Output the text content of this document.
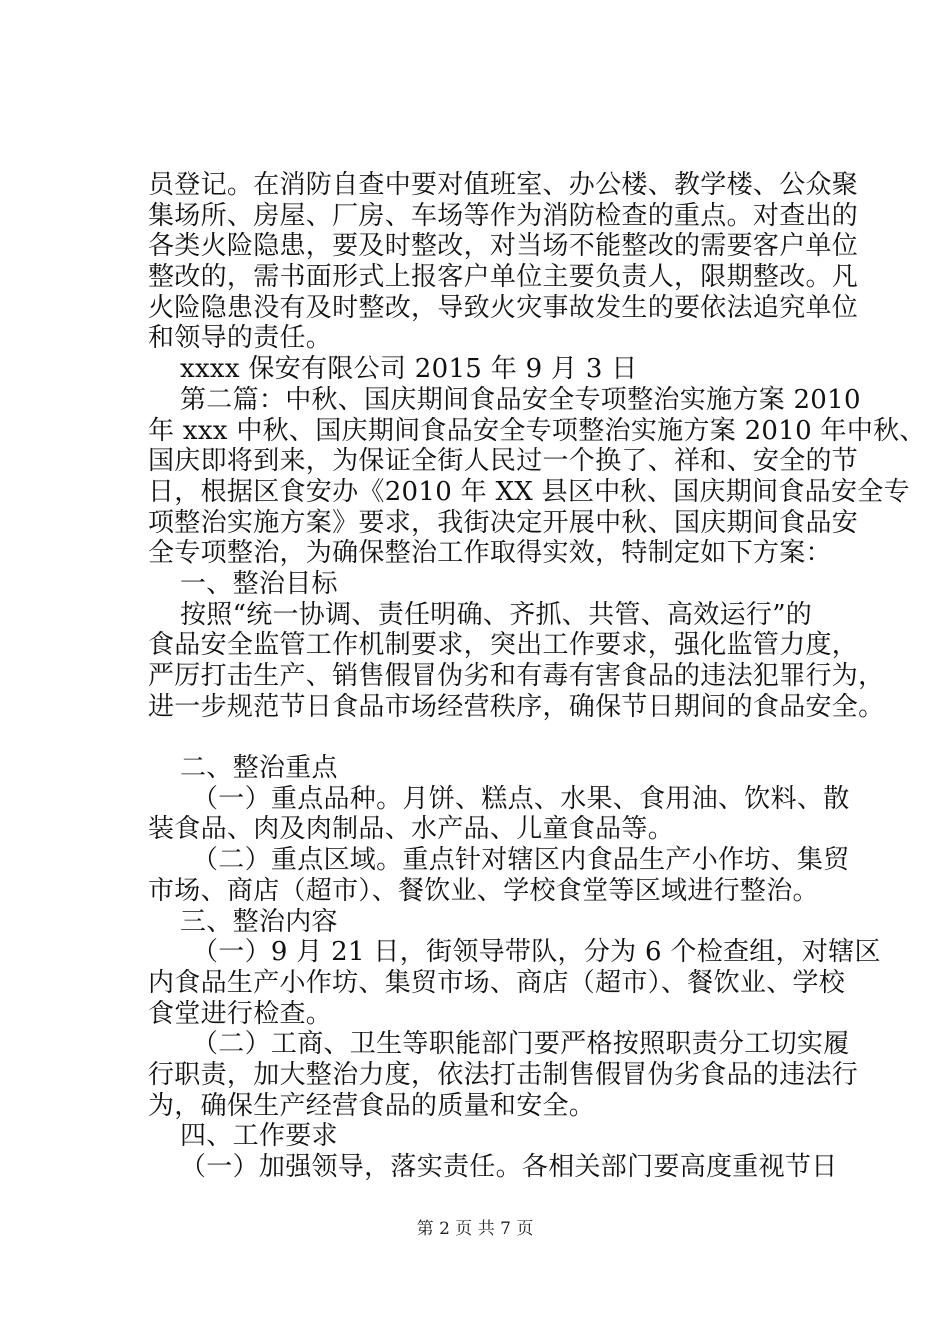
员登记。在消防自查中要对值班室、办公楼、教学楼、公众聚
集场所、房屋、厂房、车场等作为消防检查的重点。对查出的
各类火险隐患，要及时整改，对当场不能整改的需要客户单位
整改的，需书面形式上报客户单位主要负责人，限期整改。凡
火险隐患没有及时整改，导致火灾事故发生的要依法追究单位
和领导的责任。
xxxx 保安有限公司 2015 年 9 月 3 日
第二篇：中秋、国庆期间食品安全专项整治实施方案 2010
年 xxx 中秋、国庆期间食品安全专项整治实施方案 2010 年中秋、
国庆即将到来，为保证全街人民过一个换了、祥和、安全的节
日，根据区食安办《2010 年 XX 县区中秋、国庆期间食品安全专
项整治实施方案》要求，我街决定开展中秋、国庆期间食品安
全专项整治，为确保整治工作取得实效，特制定如下方案：
一、整治目标
按照“统一协调、责任明确、齐抓、共管、高效运行”的
食品安全监管工作机制要求，突出工作要求，强化监管力度，
严厉打击生产、销售假冒伪劣和有毒有害食品的违法犯罪行为，
进一步规范节日食品市场经营秩序，确保节日期间的食品安全。
二、整治重点
（一）重点品种。月饼、糕点、水果、食用油、饮料、散
装食品、肉及肉制品、水产品、儿童食品等。
（二）重点区域。重点针对辖区内食品生产小作坊、集贸
市场、商店（超市）、餐饮业、学校食堂等区域进行整治。
三、整治内容
（一）9 月 21 日，街领导带队，分为 6 个检查组，对辖区
内食品生产小作坊、集贸市场、商店（超市）、餐饮业、学校
食堂进行检查。
（二）工商、卫生等职能部门要严格按照职责分工切实履
行职责，加大整治力度，依法打击制售假冒伪劣食品的违法行
为，确保生产经营食品的质量和安全。
四、工作要求
（一）加强领导，落实责任。各相关部门要高度重视节日
第 2 页 共 7 页
